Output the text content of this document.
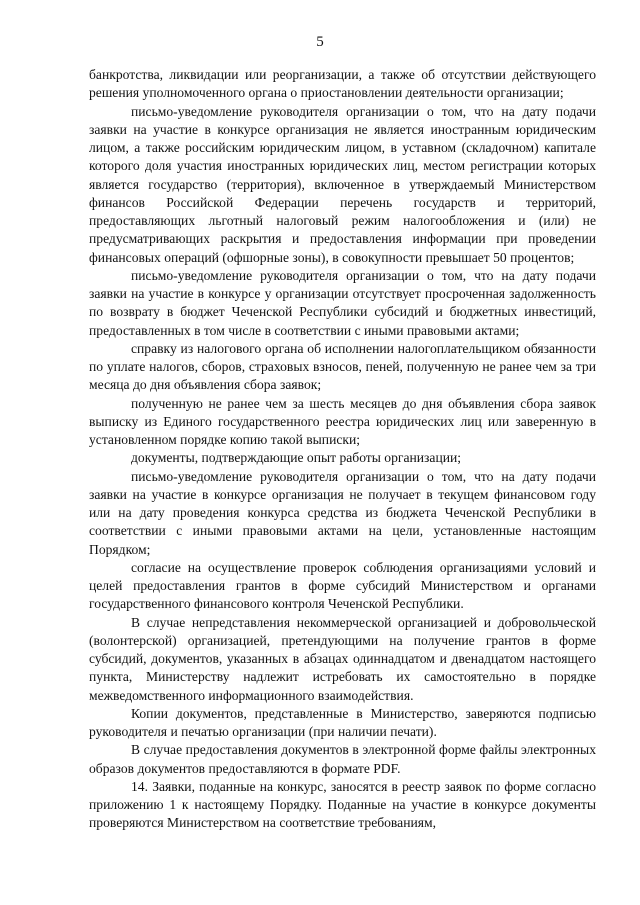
5

банкротства, ликвидации или реорганизации, а также об отсутствии действующего решения уполномоченного органа о приостановлении деятельности организации;

письмо-уведомление руководителя организации о том, что на дату подачи заявки на участие в конкурсе организация не является иностранным юридическим лицом, а также российским юридическим лицом, в уставном (складочном) капитале которого доля участия иностранных юридических лиц, местом регистрации которых является государство (территория), включенное в утверждаемый Министерством финансов Российской Федерации перечень государств и территорий, предоставляющих льготный налоговый режим налогообложения и (или) не предусматривающих раскрытия и предоставления информации при проведении финансовых операций (офшорные зоны), в совокупности превышает 50 процентов;

письмо-уведомление руководителя организации о том, что на дату подачи заявки на участие в конкурсе у организации отсутствует просроченная задолженность по возврату в бюджет Чеченской Республики субсидий и бюджетных инвестиций, предоставленных в том числе в соответствии с иными правовыми актами;

справку из налогового органа об исполнении налогоплательщиком обязанности по уплате налогов, сборов, страховых взносов, пеней, полученную не ранее чем за три месяца до дня объявления сбора заявок;

полученную не ранее чем за шесть месяцев до дня объявления сбора заявок выписку из Единого государственного реестра юридических лиц или заверенную в установленном порядке копию такой выписки;

документы, подтверждающие опыт работы организации;

письмо-уведомление руководителя организации о том, что на дату подачи заявки на участие в конкурсе организация не получает в текущем финансовом году или на дату проведения конкурса средства из бюджета Чеченской Республики в соответствии с иными правовыми актами на цели, установленные настоящим Порядком;

согласие на осуществление проверок соблюдения организациями условий и целей предоставления грантов в форме субсидий Министерством и органами государственного финансового контроля Чеченской Республики.

В случае непредставления некоммерческой организацией и добровольческой (волонтерской) организацией, претендующими на получение грантов в форме субсидий, документов, указанных в абзацах одиннадцатом и двенадцатом настоящего пункта, Министерству надлежит истребовать их самостоятельно в порядке межведомственного информационного взаимодействия.

Копии документов, представленные в Министерство, заверяются подписью руководителя и печатью организации (при наличии печати).

В случае предоставления документов в электронной форме файлы электронных образов документов предоставляются в формате PDF.

14. Заявки, поданные на конкурс, заносятся в реестр заявок по форме согласно приложению 1 к настоящему Порядку. Поданные на участие в конкурсе документы проверяются Министерством на соответствие требованиям,
